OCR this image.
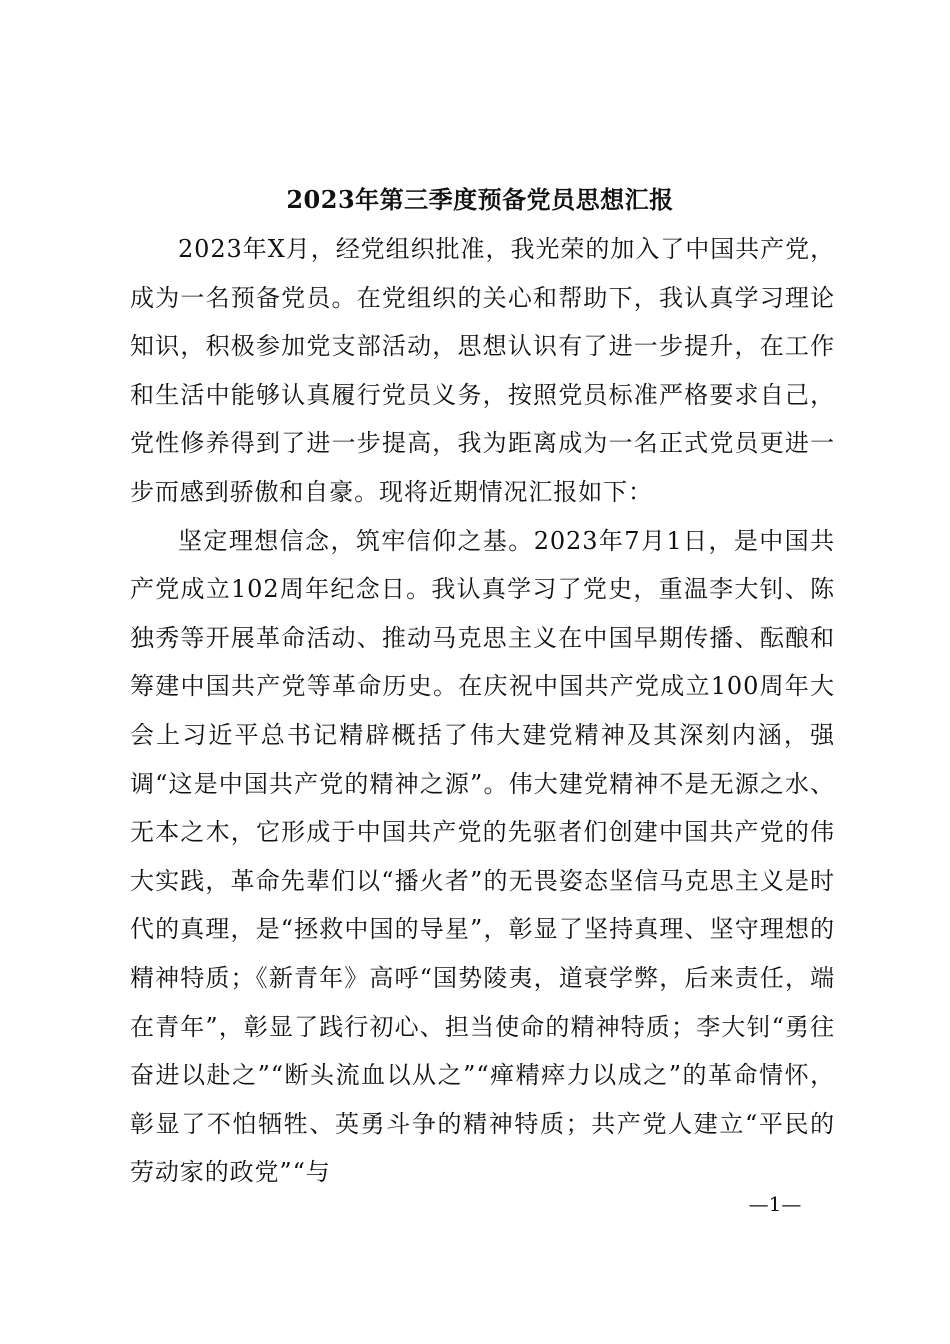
2023年第三季度预备党员思想汇报

2023年X月，经党组织批准，我光荣的加入了中国共产党，成为一名预备党员。在党组织的关心和帮助下，我认真学习理论知识，积极参加党支部活动，思想认识有了进一步提升，在工作和生活中能够认真履行党员义务，按照党员标准严格要求自己，党性修养得到了进一步提高，我为距离成为一名正式党员更进一步而感到骄傲和自豪。现将近期情况汇报如下：

坚定理想信念，筑牢信仰之基。2023年7月1日，是中国共产党成立102周年纪念日。我认真学习了党史，重温李大钊、陈独秀等开展革命活动、推动马克思主义在中国早期传播、酝酿和筹建中国共产党等革命历史。在庆祝中国共产党成立100周年大会上习近平总书记精辟概括了伟大建党精神及其深刻内涵，强调“这是中国共产党的精神之源”。伟大建党精神不是无源之水、无本之木，它形成于中国共产党的先驱者们创建中国共产党的伟大实践，革命先辈们以“播火者”的无畏姿态坚信马克思主义是时代的真理，是“拯救中国的导星”，彰显了坚持真理、坚守理想的精神特质；《新青年》高呼“国势陵夷，道衰学弊，后来责任，端在青年”，彰显了践行初心、担当使命的精神特质；李大钊“勇往奋进以赴之”“断头流血以从之”“瘅精瘁力以成之”的革命情怀，彰显了不怕牺牲、英勇斗争的精神特质；共产党人建立“平民的劳动家的政党”“与

—1—
